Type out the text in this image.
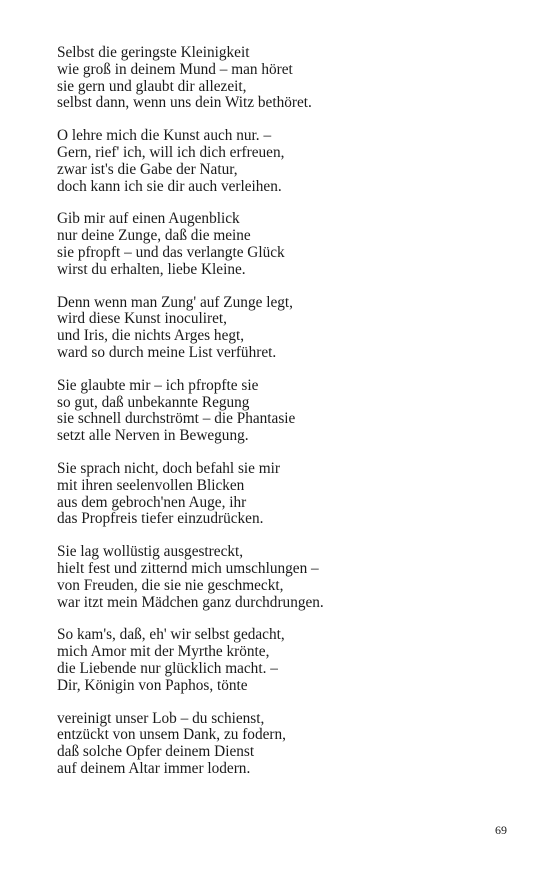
Selbst die geringste Kleinigkeit
wie groß in deinem Mund – man höret
sie gern und glaubt dir allezeit,
selbst dann, wenn uns dein Witz bethöret.
O lehre mich die Kunst auch nur. –
Gern, rief' ich, will ich dich erfreuen,
zwar ist's die Gabe der Natur,
doch kann ich sie dir auch verleihen.
Gib mir auf einen Augenblick
nur deine Zunge, daß die meine
sie pfropft – und das verlangte Glück
wirst du erhalten, liebe Kleine.
Denn wenn man Zung' auf Zunge legt,
wird diese Kunst inoculiret,
und Iris, die nichts Arges hegt,
ward so durch meine List verführet.
Sie glaubte mir – ich pfropfte sie
so gut, daß unbekannte Regung
sie schnell durchströmt – die Phantasie
setzt alle Nerven in Bewegung.
Sie sprach nicht, doch befahl sie mir
mit ihren seelenvollen Blicken
aus dem gebroch'nen Auge, ihr
das Propfreis tiefer einzudrücken.
Sie lag wollüstig ausgestreckt,
hielt fest und zitternd mich umschlungen –
von Freuden, die sie nie geschmeckt,
war itzt mein Mädchen ganz durchdrungen.
So kam's, daß, eh' wir selbst gedacht,
mich Amor mit der Myrthe krönte,
die Liebende nur glücklich macht. –
Dir, Königin von Paphos, tönte
vereinigt unser Lob – du schienst,
entzückt von unsem Dank, zu fodern,
daß solche Opfer deinem Dienst
auf deinem Altar immer lodern.
69
